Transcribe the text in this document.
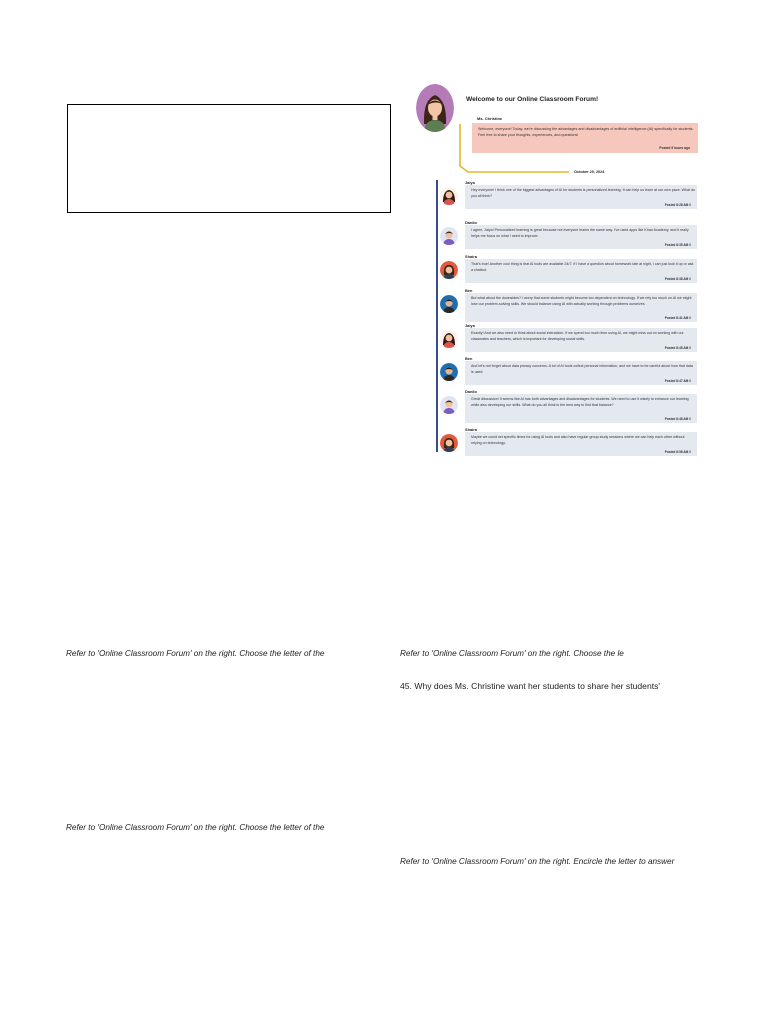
Welcome to our Online Classroom Forum!
Ms. Christine
Welcome, everyone! Today, we're discussing the advantages and disadvantages of artificial intelligence (AI) specifically for students. Feel free to share your thoughts, experiences, and questions!
Posted 9 hours ago
October 29, 2024
Jaiya
Hey everyone! I think one of the biggest advantages of AI for students is personalized learning. It can help us learn at our own pace. What do you all think?
Posted 8:28 AM //
Danilo
I agree, Jaiya! Personalized learning is great because not everyone learns the same way. I've used apps like Khan Academy, and it really helps me focus on what I need to improve.
Posted 8:35 AM //
Shaira
That's true! Another cool thing is that AI tools are available 24/7. If I have a question about homework late at night, I can just look it up or ask a chatbot.
Posted 8:38 AM //
Ben
But what about the downsides? I worry that some students might become too dependent on technology. If we rely too much on AI we might lose our problem-solving skills. We should balance using AI with actually working through problems ourselves.
Posted 8:41 AM //
Jaiya
Exactly! And we also need to think about social interaction. If we spend too much time using AI, we might miss out on working with our classmates and teachers, which is important for developing social skills.
Posted 8:45 AM //
Ben
And let's not forget about data privacy concerns. A lot of AI tools collect personal information, and we have to be careful about how that data is used.
Posted 8:47 AM //
Danilo
Great discussion! It seems like AI has both advantages and disadvantages for students. We need to use it wisely to enhance our learning while also developing our skills. What do you all think is the best way to find that balance?
Posted 8:48 AM //
Shaira
Maybe we could set specific times for using AI tools and also have regular group study sessions where we can help each other without relying on technology.
Posted 8:58 AM //
Refer to 'Online Classroom Forum' on the right. Choose the letter of the	Refer to 'Online Classroom Forum' on the right. Choose the le
45. Why does Ms. Christine want her students to share her students'
Refer to 'Online Classroom Forum' on the right. Choose the letter of the
Refer to 'Online Classroom Forum' on the right. Encircle the letter to answer
